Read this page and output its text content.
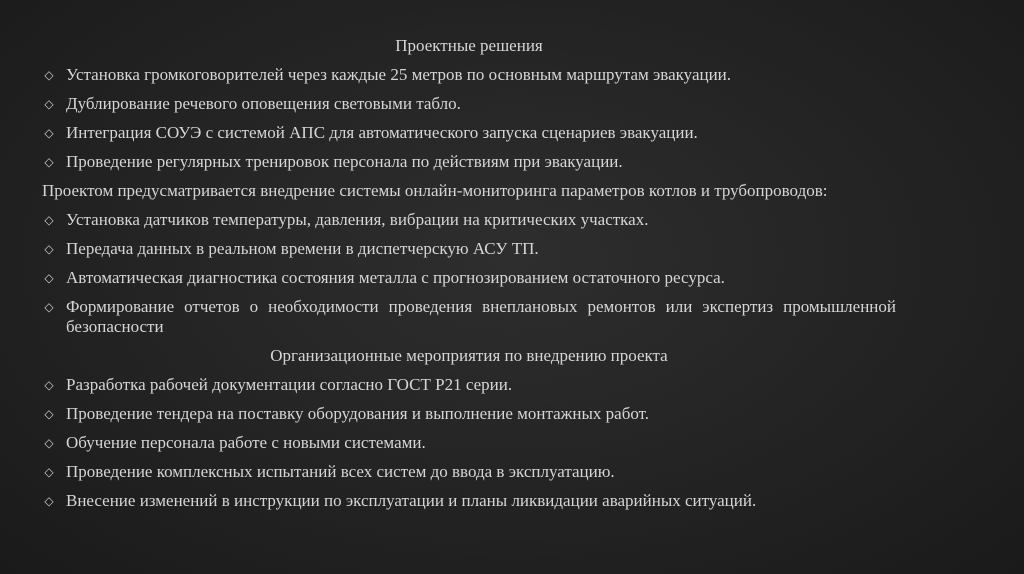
Проектные решения
◇ Установка громкоговорителей через каждые 25 метров по основным маршрутам эвакуации.
◇ Дублирование речевого оповещения световыми табло.
◇ Интеграция СОУЭ с системой АПС для автоматического запуска сценариев эвакуации.
◇ Проведение регулярных тренировок персонала по действиям при эвакуации.
Проектом предусматривается внедрение системы онлайн-мониторинга параметров котлов и трубопроводов:
◇ Установка датчиков температуры, давления, вибрации на критических участках.
◇ Передача данных в реальном времени в диспетчерскую АСУ ТП.
◇ Автоматическая диагностика состояния металла с прогнозированием остаточного ресурса.
◇ Формирование отчетов о необходимости проведения внеплановых ремонтов или экспертиз промышленной безопасности
Организационные мероприятия по внедрению проекта
◇ Разработка рабочей документации согласно ГОСТ Р21 серии.
◇ Проведение тендера на поставку оборудования и выполнение монтажных работ.
◇ Обучение персонала работе с новыми системами.
◇ Проведение комплексных испытаний всех систем до ввода в эксплуатацию.
◇ Внесение изменений в инструкции по эксплуатации и планы ликвидации аварийных ситуаций.
